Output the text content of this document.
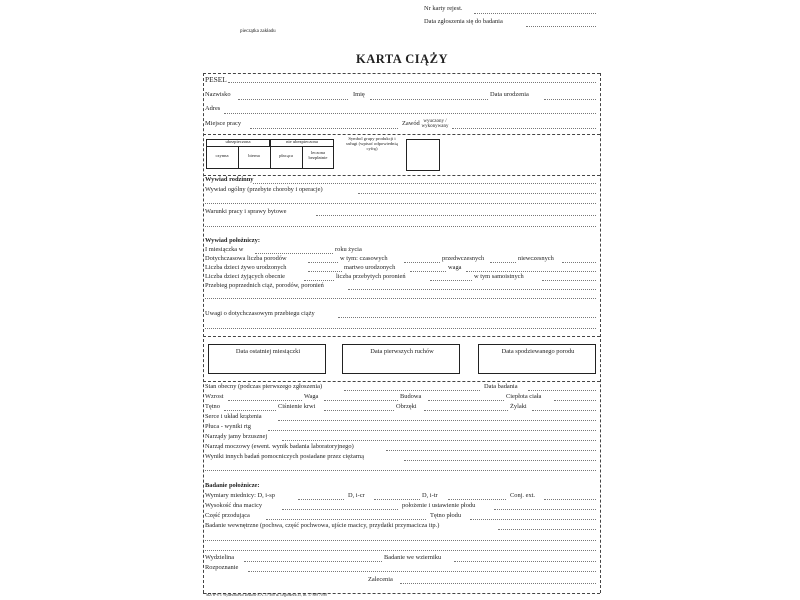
Nr karty rejest.
Data zgłoszenia się do badania
pieczątka zakładu
KARTA CIĄŻY
PESEL
Nazwisko	Imię	Data urodzenia
Adres
Miejsce pracy	Zawód wyuczony / wykonywany
ubezpieczona	nie ubezpieczona
czynna	bierna	płacąca
leczona bezpłatnie
Symbol grupy produkcji i usługi (wpisać odpowiednią cyfrę)
Wywiad rodzinny
Wywiad ogólny (przebyte choroby i operacje)
Warunki pracy i sprawy bytowe
Wywiad położniczy:
I miesiączka w	roku życia
Dotychczasowa liczba porodów	w tym: czasowych	przedwczesnych	niewczesnych
Liczba dzieci żywo urodzonych	martwo urodzonych	waga
Liczba dzieci żyjących obecnie	liczba przebytych poronień	w tym samoistnych
Przebieg poprzednich ciąż, porodów, poronień
Uwagi o dotychczasowym przebiegu ciąży
Data ostatniej miesiączki	Data pierwszych ruchów	Data spodziewanego porodu
Stan obecny (podczas pierwszego zgłoszenia)	Data badania
Wzrost	Waga	Budowa	Ciepłota ciała
Tętno	Ciśnienie krwi	Obrzęki	Żylaki
Serce i układ krążenia
Płuca - wyniki rtg
Narządy jamy brzusznej
Narząd moczowy (ewent. wynik badania laboratoryjnego)
Wyniki innych badań pomocniczych posiadane przez ciężarną
Badanie położnicze:
Wymiary miednicy: D, i-sp	D, i-cr	D, i-tr	Conj. ext.
Wysokość dna macicy	położenie i ustawienie płodu
Część przodująca	Tętno płodu
Badanie wewnętrzne (pochwa, część pochwowa, ujście macicy, przydatki przymacicza itp.)
Wydzielina	Badanie we wzierniku
Rozpoznanie
Zalecenia
MZ/W-8 © Wydawnictwo Druków S.A. 37-300 ul. Legionowa 35, tel. 17 889 70 80
